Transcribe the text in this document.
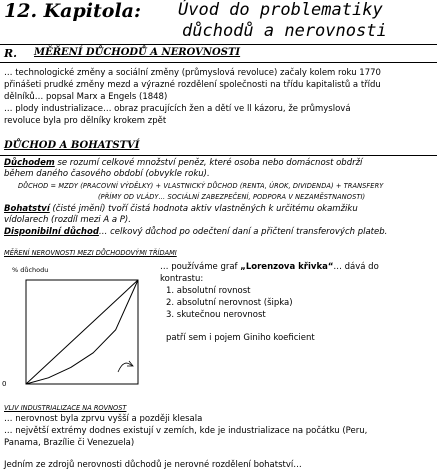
12. Kapitola: Úvod do problematiky
důchodů a nerovnosti
R. MĚŘENÍ DŮCHODŮ A NEROVNOSTI
… technologické změny a sociální změny (průmyslová revoluce) začaly kolem roku 1770
přinášeti prudké změny mezd a výrazné rozdělení společnosti na třídu kapitalistů a třídu
dělníků… popsal Marx a Engels (1848)
… plody industrializace… obraz pracujících žen a dětí ve ll kázoru, že průmyslová
revoluce byla pro dělníky krokem zpět
DŮCHOD A BOHATSTVÍ
Důchodem se rozumí celkové množství peněz, které osoba nebo domácnost obdrží
během daného časového období (obvykle roku).
DŮCHOD = MZDY (PRACOVNÍ VÝDĚLKY) + VLASTNICKÝ DŮCHOD (RENTA, ÚROK, DIVIDENDA) + TRANSFERY
(PŘÍMY OD VLÁDY… SOCIÁLNÍ ZABEZPEČENÍ, PODPORA V NEZAMĚSTNANOSTI)
Bohatství (čisté jmění) tvoří čistá hodnota aktiv vlastněných k určitému okamžiku
vídolarech (rozdíl mezi A a P).
Disponibilní důchod… celkový důchod po odečtení daní a přičtení transferových plateb.
MĚŘENÍ NEROVNOSTI MEZI DŮCHODOVÝMI TŘÍDAMI
% důchodu
0
… používáme graf „Lorenzova křivka“… dává do
kontrastu:
1. absolutní rovnost
2. absolutní nerovnost (šipka)
3. skutečnou nerovnost
patří sem i pojem Giniho koeficient
VLIV INDUSTRIALIZACE NA ROVNOST
… nerovnost byla zprvu vyšší a později klesala
… největší extrémy dodnes existují v zemích, kde je industrializace na počátku (Peru,
Panama, Brazílie či Venezuela)
Jedním ze zdrojů nerovnosti důchodů je nerovné rozdělení bohatství…
